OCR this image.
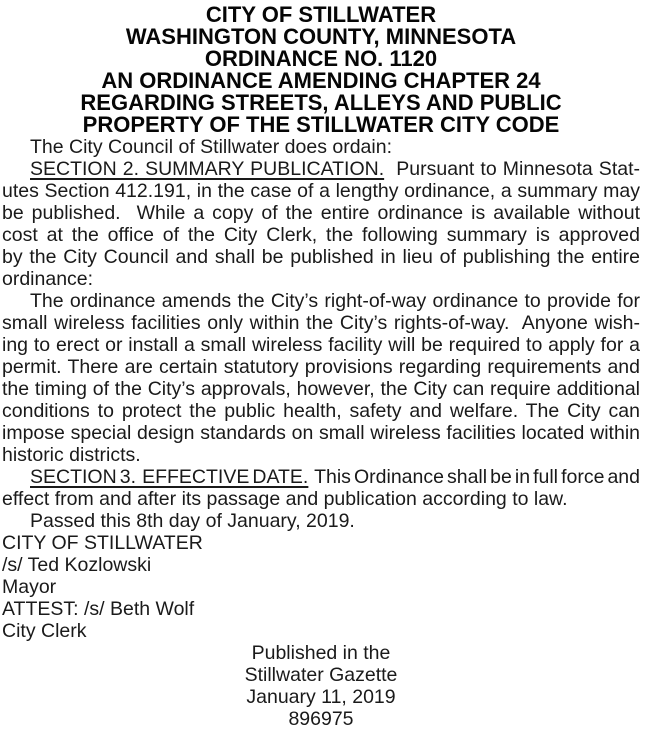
CITY OF STILLWATER
WASHINGTON COUNTY, MINNESOTA
ORDINANCE NO. 1120
AN ORDINANCE AMENDING CHAPTER 24
REGARDING STREETS, ALLEYS AND PUBLIC
PROPERTY OF THE STILLWATER CITY CODE
The City Council of Stillwater does ordain:
SECTION 2. SUMMARY PUBLICATION.  Pursuant to Minnesota Stat-
utes Section 412.191, in the case of a lengthy ordinance, a summary may
be published.  While a copy of the entire ordinance is available without
cost at the office of the City Clerk, the following summary is approved
by the City Council and shall be published in lieu of publishing the entire
ordinance:
The ordinance amends the City’s right-of-way ordinance to provide for
small wireless facilities only within the City’s rights-of-way.  Anyone wish-
ing to erect or install a small wireless facility will be required to apply for a
permit. There are certain statutory provisions regarding requirements and
the timing of the City’s approvals, however, the City can require additional
conditions to protect the public health, safety and welfare. The City can
impose special design standards on small wireless facilities located within
historic districts.
SECTION 3.  EFFECTIVE DATE.  This Ordinance shall be in full force and
effect from and after its passage and publication according to law.
Passed this 8th day of January, 2019.
CITY OF STILLWATER
/s/ Ted Kozlowski
Mayor
ATTEST: /s/ Beth Wolf
City Clerk
Published in the
Stillwater Gazette
January 11, 2019
896975
